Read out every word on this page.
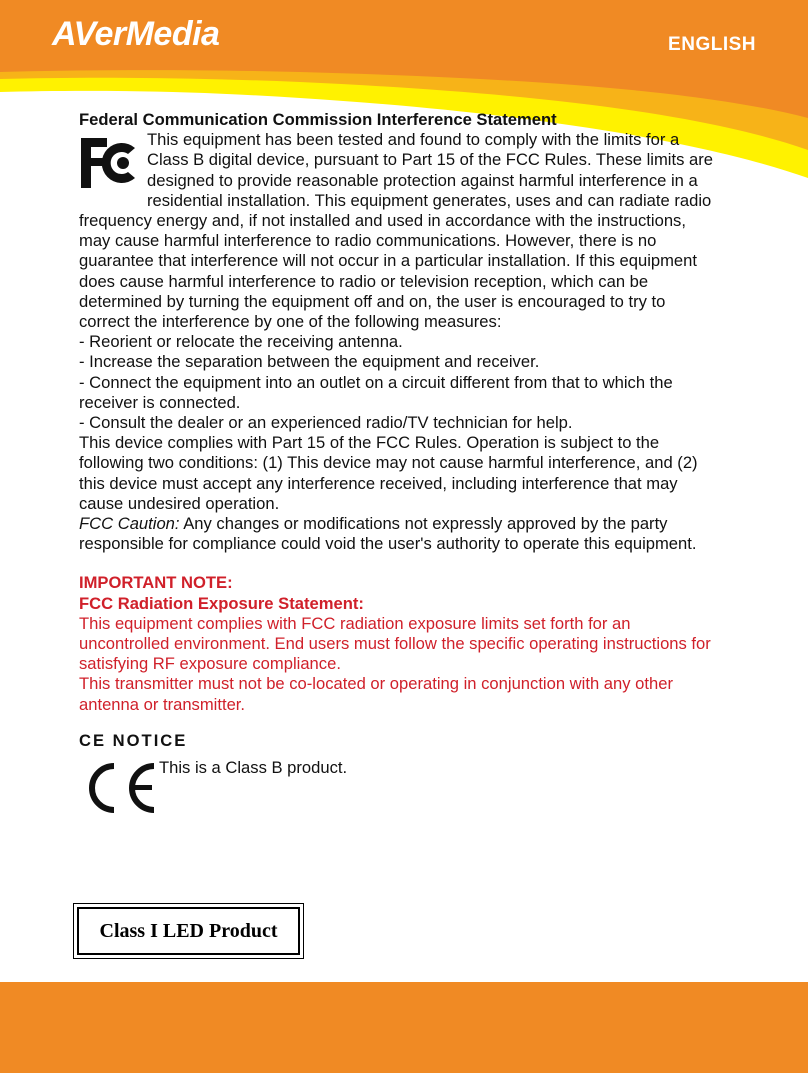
AVerMedia	ENGLISH

Federal Communication Commission Interference Statement

This equipment has been tested and found to comply with the limits for a Class B digital device, pursuant to Part 15 of the FCC Rules. These limits are designed to provide reasonable protection against harmful interference in a residential installation. This equipment generates, uses and can radiate radio frequency energy and, if not installed and used in accordance with the instructions, may cause harmful interference to radio communications. However, there is no guarantee that interference will not occur in a particular installation. If this equipment does cause harmful interference to radio or television reception, which can be determined by turning the equipment off and on, the user is encouraged to try to correct the interference by one of the following measures:

- Reorient or relocate the receiving antenna.

- Increase the separation between the equipment and receiver.

- Connect the equipment into an outlet on a circuit different from that to which the receiver is connected.

- Consult the dealer or an experienced radio/TV technician for help.

This device complies with Part 15 of the FCC Rules. Operation is subject to the following two conditions: (1) This device may not cause harmful interference, and (2) this device must accept any interference received, including interference that may cause undesired operation.

FCC Caution: Any changes or modifications not expressly approved by the party responsible for compliance could void the user's authority to operate this equipment.

IMPORTANT NOTE:

FCC Radiation Exposure Statement:

This equipment complies with FCC radiation exposure limits set forth for an uncontrolled environment. End users must follow the specific operating instructions for satisfying RF exposure compliance.

This transmitter must not be co-located or operating in conjunction with any other antenna or transmitter.

CE NOTICE

This is a Class B product.
Class I LED Product
